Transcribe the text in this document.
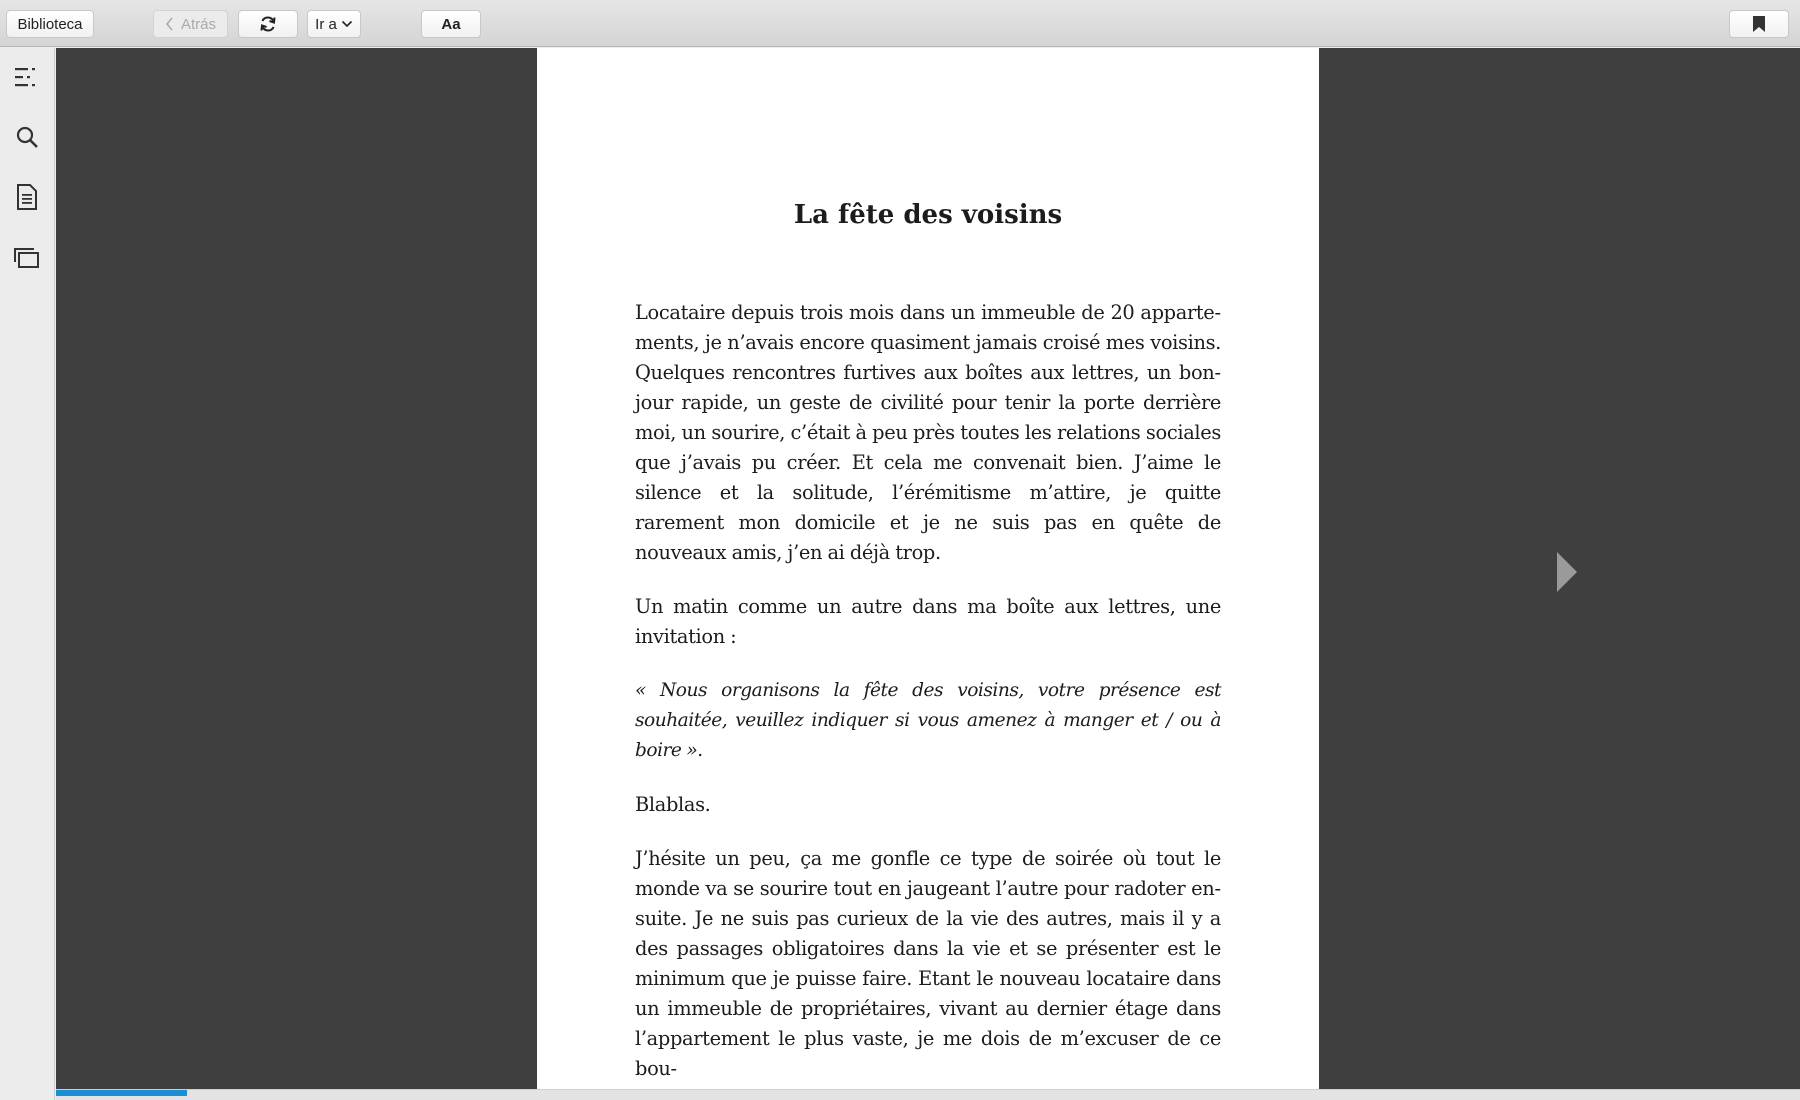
Biblioteca	Atrás	Ir a	Aa
La fête des voisins

Locataire depuis trois mois dans un immeuble de 20 appartements, je n’avais encore quasiment jamais croisé mes voisins. Quelques rencontres furtives aux boîtes aux lettres, un bonjour rapide, un geste de civilité pour tenir la porte derrière moi, un sourire, c’était à peu près toutes les relations sociales que j’avais pu créer. Et cela me convenait bien. J’aime le silence et la solitude, l’érémitisme m’attire, je quitte rarement mon domicile et je ne suis pas en quête de nouveaux amis, j’en ai déjà trop.

Un matin comme un autre dans ma boîte aux lettres, une invitation :

« Nous organisons la fête des voisins, votre présence est souhaitée, veuillez indiquer si vous amenez à manger et / ou à boire ».

Blablas.

J’hésite un peu, ça me gonfle ce type de soirée où tout le monde va se sourire tout en jaugeant l’autre pour radoter ensuite. Je ne suis pas curieux de la vie des autres, mais il y a des passages obligatoires dans la vie et se présenter est le minimum que je puisse faire. Etant le nouveau locataire dans un immeuble de propriétaires, vivant au dernier étage dans l’appartement le plus vaste, je me dois de m’excuser de ce bou-
